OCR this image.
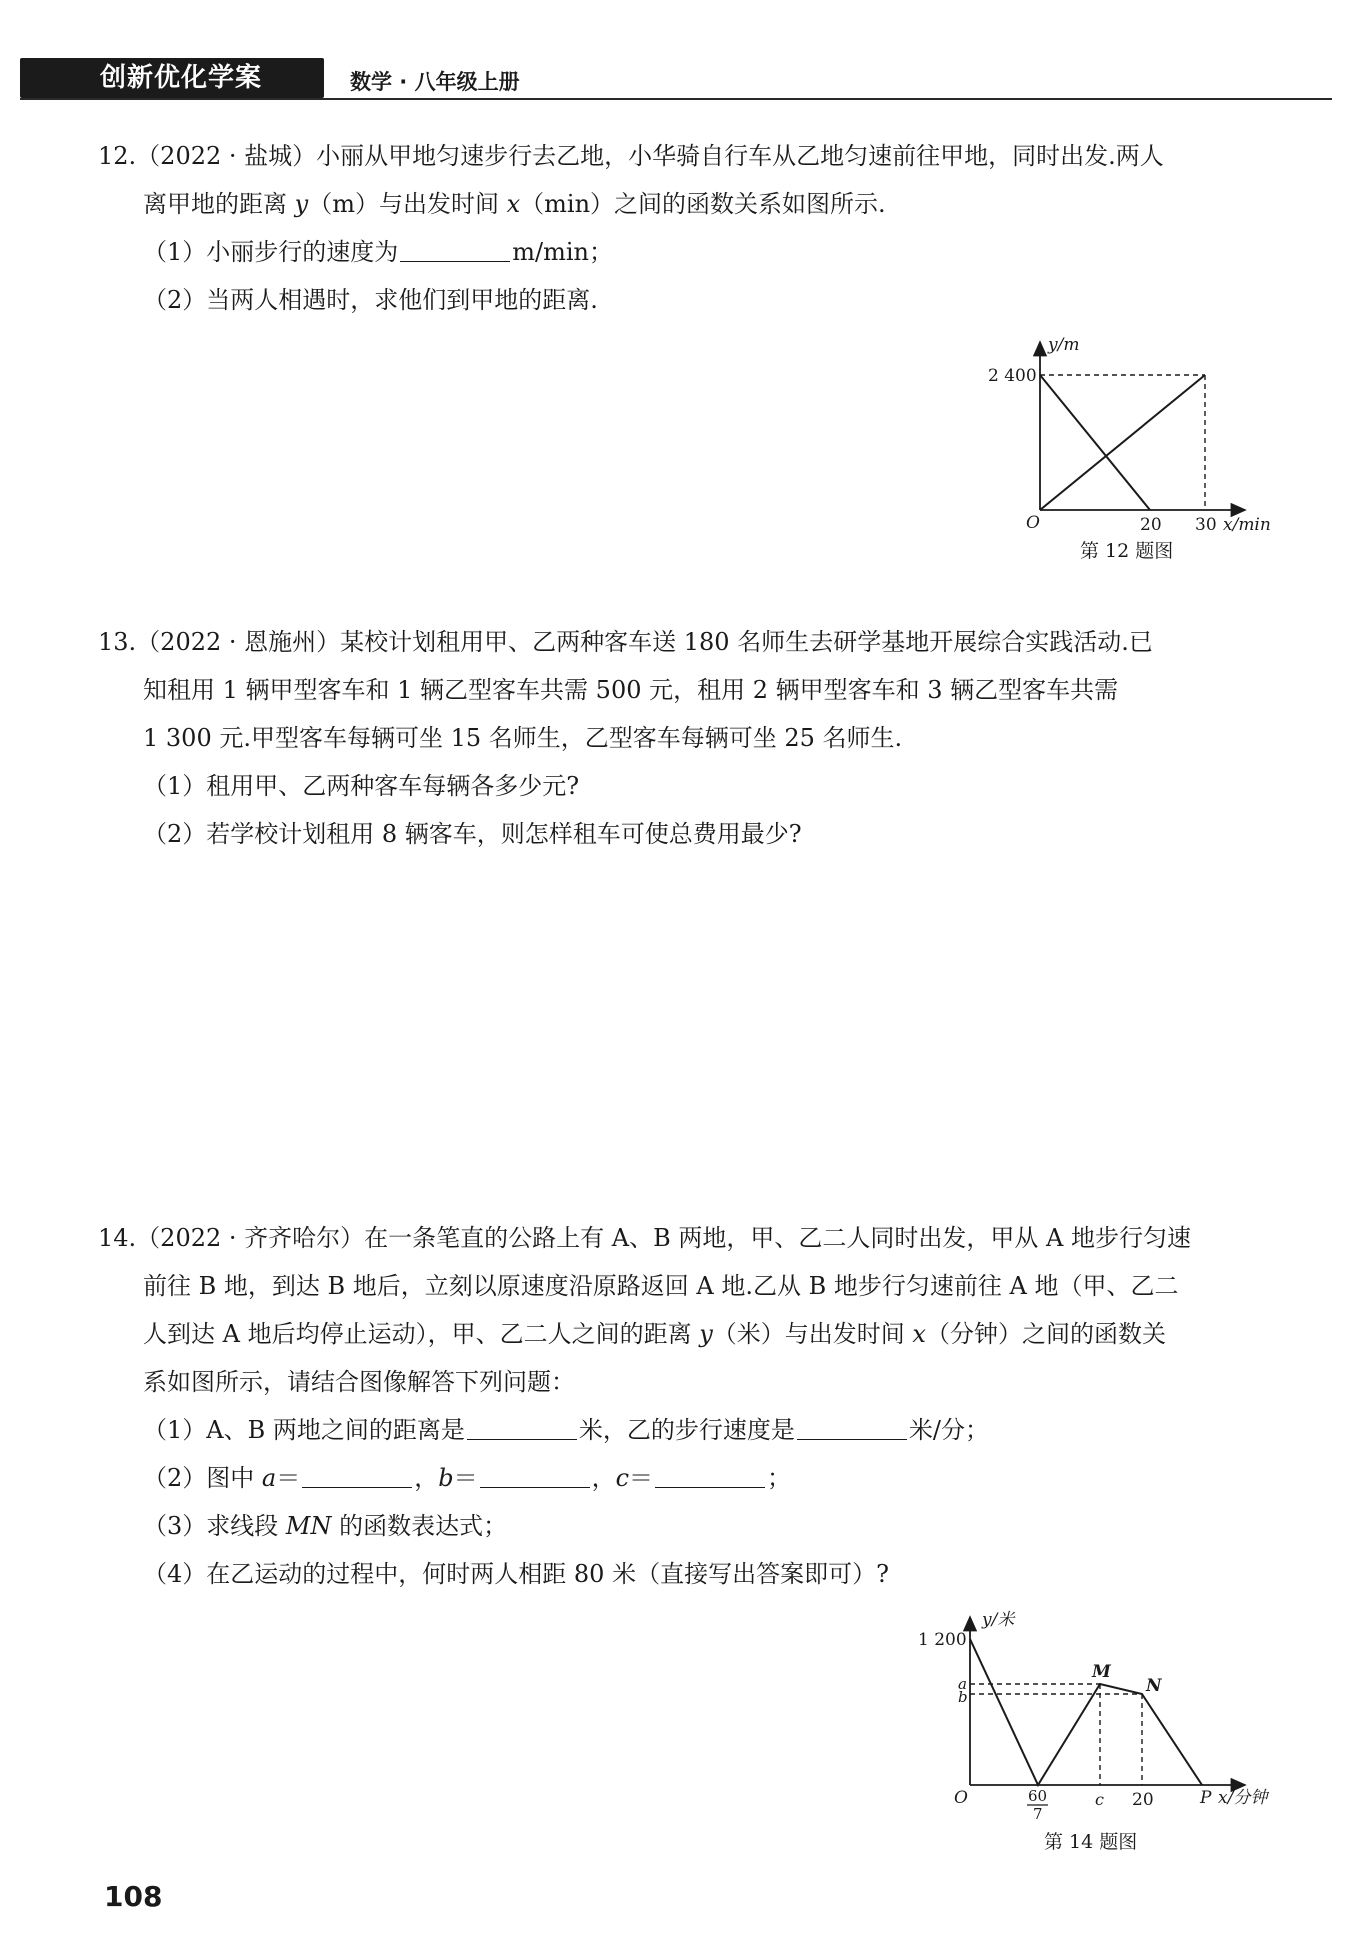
创新优化学案	数学 · 八年级上册
12.（2022 · 盐城）小丽从甲地匀速步行去乙地，小华骑自行车从乙地匀速前往甲地，同时出发.两人
离甲地的距离 y（m）与出发时间 x（min）之间的函数关系如图所示.
（1）小丽步行的速度为	m/min；
（2）当两人相遇时，求他们到甲地的距离.
y/m
2 400
O	20 30 x/min
第 12 题图
13.（2022 · 恩施州）某校计划租用甲、乙两种客车送 180 名师生去研学基地开展综合实践活动.已
知租用 1 辆甲型客车和 1 辆乙型客车共需 500 元，租用 2 辆甲型客车和 3 辆乙型客车共需
1 300 元.甲型客车每辆可坐 15 名师生，乙型客车每辆可坐 25 名师生.
（1）租用甲、乙两种客车每辆各多少元?
（2）若学校计划租用 8 辆客车，则怎样租车可使总费用最少?
14.（2022 · 齐齐哈尔）在一条笔直的公路上有 A、B 两地，甲、乙二人同时出发，甲从 A 地步行匀速
前往 B 地，到达 B 地后，立刻以原速度沿原路返回 A 地.乙从 B 地步行匀速前往 A 地（甲、乙二
人到达 A 地后均停止运动），甲、乙二人之间的距离 y（米）与出发时间 x（分钟）之间的函数关
系如图所示，请结合图像解答下列问题：
（1）A、B 两地之间的距离是	米，乙的步行速度是	米/分；
（2）图中 a＝	，b＝	，c＝	；
（3）求线段 MN 的函数表达式；
（4）在乙运动的过程中，何时两人相距 80 米（直接写出答案即可）?
y/米
1 200
a
b
M
N
O	60
7
c 20	P x/分钟
第 14 题图
108
